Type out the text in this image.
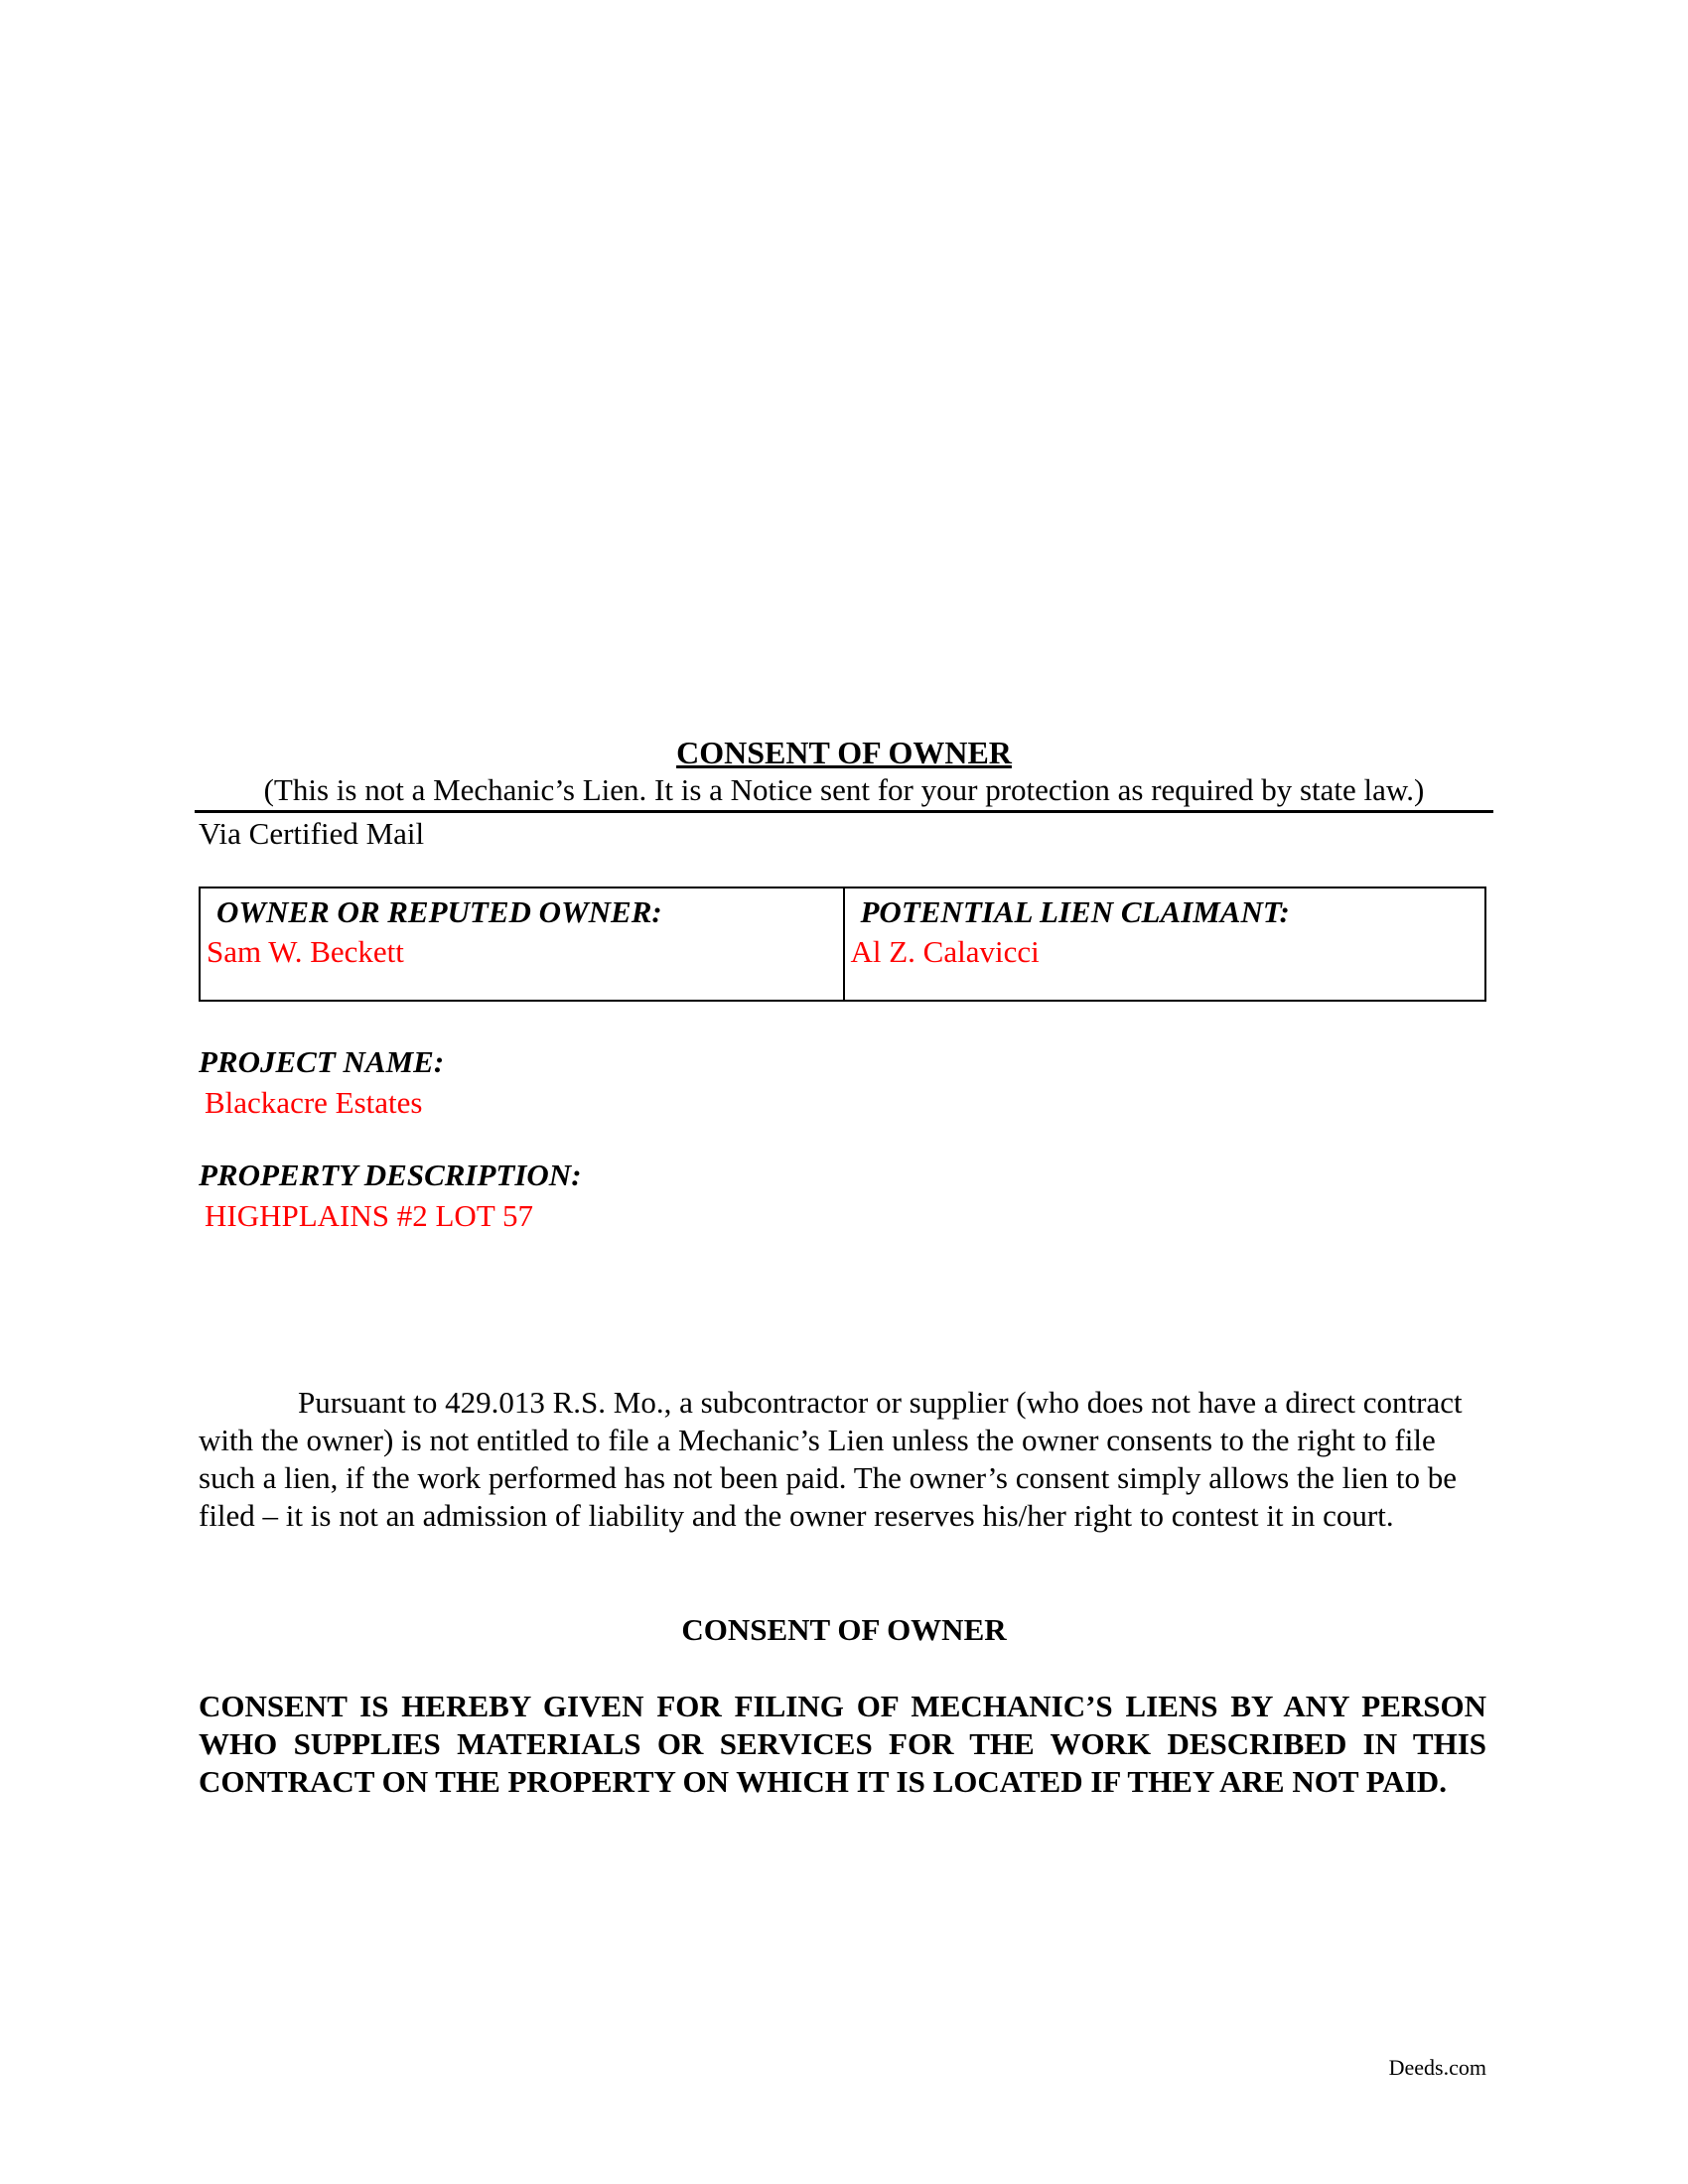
CONSENT OF OWNER
(This is not a Mechanic’s Lien. It is a Notice sent for your protection as required by state law.)
Via Certified Mail
OWNER OR REPUTED OWNER:
Sam W. Beckett
POTENTIAL LIEN CLAIMANT:
Al Z. Calavicci
PROJECT NAME:
Blackacre Estates
PROPERTY DESCRIPTION:
HIGHPLAINS #2 LOT 57
Pursuant to 429.013 R.S. Mo., a subcontractor or supplier (who does not have a direct contract with the owner) is not entitled to file a Mechanic’s Lien unless the owner consents to the right to file such a lien, if the work performed has not been paid. The owner’s consent simply allows the lien to be filed – it is not an admission of liability and the owner reserves his/her right to contest it in court.
CONSENT OF OWNER
CONSENT IS HEREBY GIVEN FOR FILING OF MECHANIC’S LIENS BY ANY PERSON WHO SUPPLIES MATERIALS OR SERVICES FOR THE WORK DESCRIBED IN THIS CONTRACT ON THE PROPERTY ON WHICH IT IS LOCATED IF THEY ARE NOT PAID.
Deeds.com
